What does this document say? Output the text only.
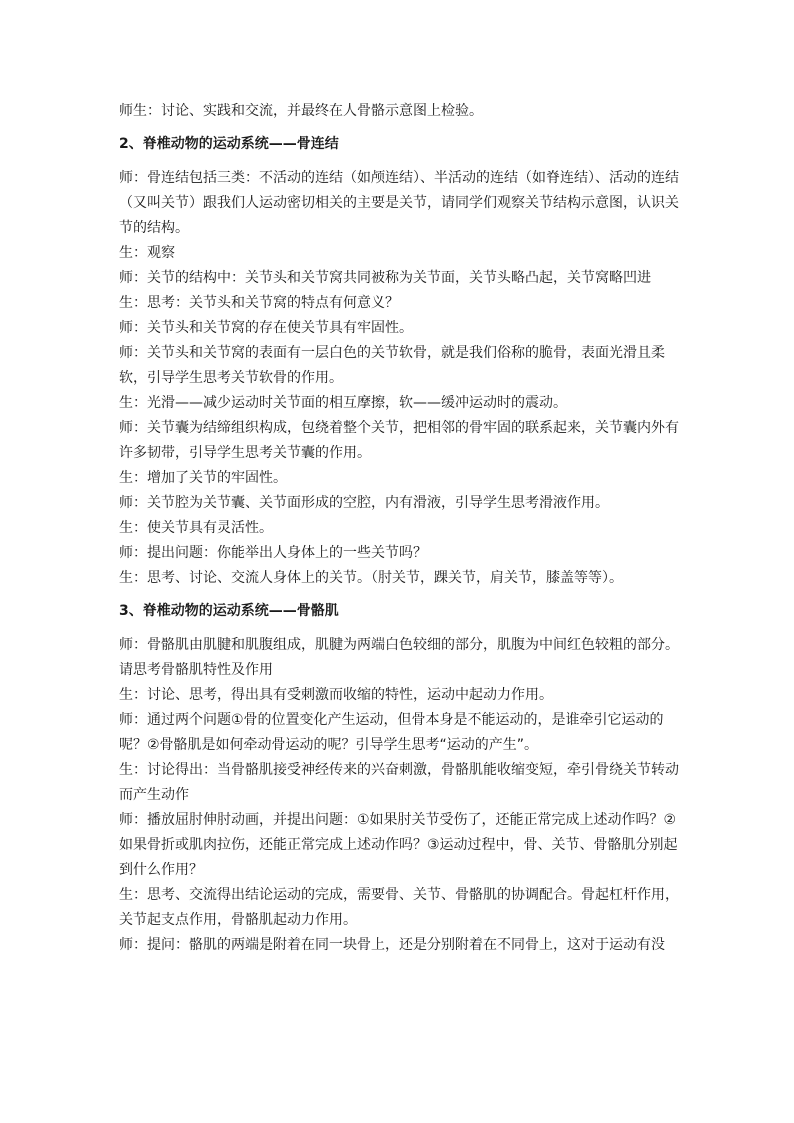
师生：讨论、实践和交流，并最终在人骨骼示意图上检验。

2、脊椎动物的运动系统——骨连结

师：骨连结包括三类：不活动的连结（如颅连结）、半活动的连结（如脊连结）、活动的连结（又叫关节）跟我们人运动密切相关的主要是关节，请同学们观察关节结构示意图，认识关节的结构。

生：观察

师：关节的结构中：关节头和关节窝共同被称为关节面，关节头略凸起，关节窝略凹进

生：思考：关节头和关节窝的特点有何意义？

师：关节头和关节窝的存在使关节具有牢固性。

师：关节头和关节窝的表面有一层白色的关节软骨，就是我们俗称的脆骨，表面光滑且柔软，引导学生思考关节软骨的作用。

生：光滑——减少运动时关节面的相互摩擦，软——缓冲运动时的震动。

师：关节囊为结缔组织构成，包绕着整个关节，把相邻的骨牢固的联系起来，关节囊内外有许多韧带，引导学生思考关节囊的作用。

生：增加了关节的牢固性。

师：关节腔为关节囊、关节面形成的空腔，内有滑液，引导学生思考滑液作用。

生：使关节具有灵活性。

师：提出问题：你能举出人身体上的一些关节吗？

生：思考、讨论、交流人身体上的关节。（肘关节，踝关节，肩关节，膝盖等等）。

3、脊椎动物的运动系统——骨骼肌

师：骨骼肌由肌腱和肌腹组成，肌腱为两端白色较细的部分，肌腹为中间红色较粗的部分。请思考骨骼肌特性及作用

生：讨论、思考，得出具有受刺激而收缩的特性，运动中起动力作用。

师：通过两个问题①骨的位置变化产生运动，但骨本身是不能运动的，是谁牵引它运动的呢？②骨骼肌是如何牵动骨运动的呢？引导学生思考“运动的产生”。

生：讨论得出：当骨骼肌接受神经传来的兴奋刺激，骨骼肌能收缩变短，牵引骨绕关节转动而产生动作

师：播放屈肘伸肘动画，并提出问题：①如果肘关节受伤了，还能正常完成上述动作吗？②如果骨折或肌肉拉伤，还能正常完成上述动作吗？③运动过程中，骨、关节、骨骼肌分别起到什么作用？

生：思考、交流得出结论运动的完成，需要骨、关节、骨骼肌的协调配合。骨起杠杆作用，关节起支点作用，骨骼肌起动力作用。

师：提问：骼肌的两端是附着在同一块骨上，还是分别附着在不同骨上，这对于运动有没
